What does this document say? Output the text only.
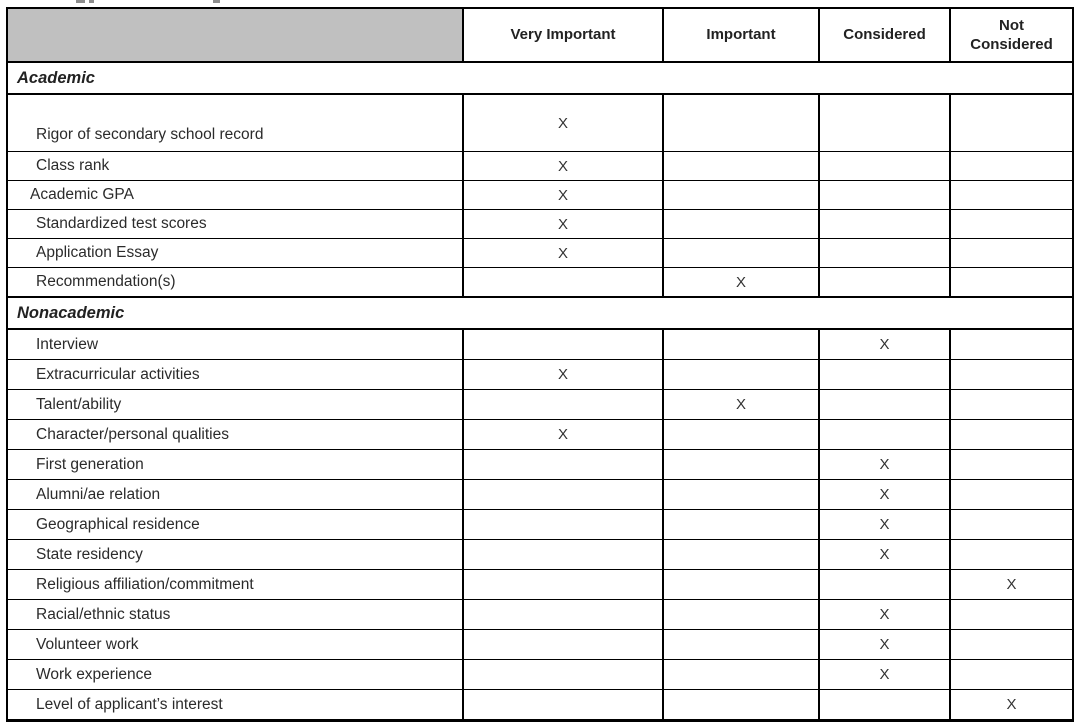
	Very Important	Important	Considered	Not Considered
Academic				
Rigor of secondary school record	X			
Class rank	X			
Academic GPA	X			
Standardized test scores	X			
Application Essay	X			
Recommendation(s)		X		
Nonacademic				
Interview			X	
Extracurricular activities	X			
Talent/ability		X		
Character/personal qualities	X			
First generation			X	
Alumni/ae relation			X	
Geographical residence			X	
State residency			X	
Religious affiliation/commitment				X
Racial/ethnic status			X	
Volunteer work			X	
Work experience			X	
Level of applicant’s interest				X
